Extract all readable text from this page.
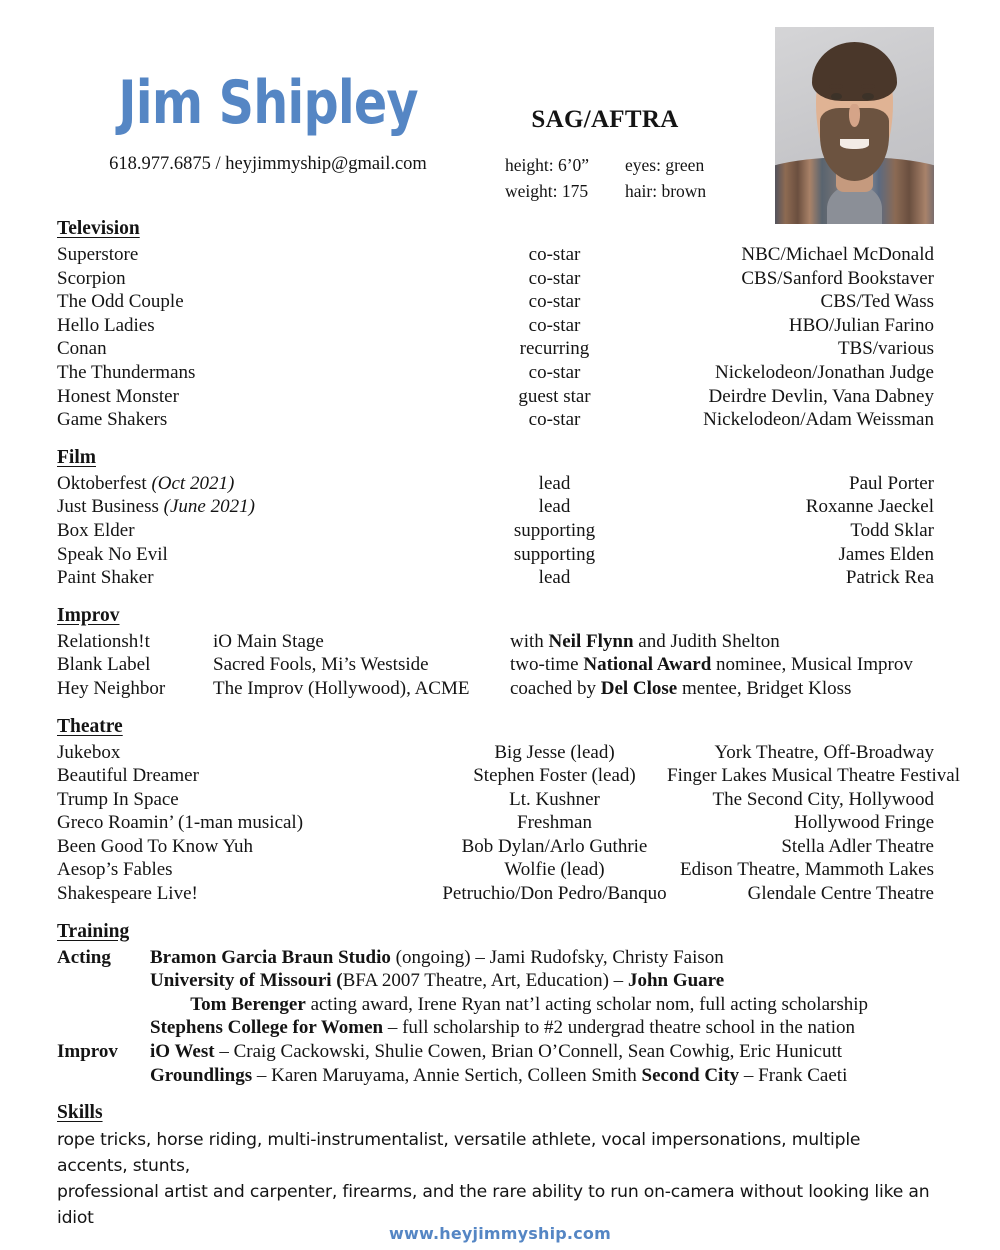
Jim Shipley
618.977.6875 / heyjimmyship@gmail.com
SAG/AFTRA
height: 6’0”	eyes: green
weight: 175	hair: brown
Television
Superstore	co-star	NBC/Michael McDonald
Scorpion	co-star	CBS/Sanford Bookstaver
The Odd Couple	co-star	CBS/Ted Wass
Hello Ladies	co-star	HBO/Julian Farino
Conan	recurring	TBS/various
The Thundermans	co-star	Nickelodeon/Jonathan Judge
Honest Monster	guest star	Deirdre Devlin, Vana Dabney
Game Shakers	co-star	Nickelodeon/Adam Weissman
Film
Oktoberfest (Oct 2021)	lead	Paul Porter
Just Business (June 2021)	lead	Roxanne Jaeckel
Box Elder	supporting	Todd Sklar
Speak No Evil	supporting	James Elden
Paint Shaker	lead	Patrick Rea
Improv
Relationsh!t	iO Main Stage	with Neil Flynn and Judith Shelton
Blank Label	Sacred Fools, Mi’s Westside	two-time National Award nominee, Musical Improv
Hey Neighbor	The Improv (Hollywood), ACME	coached by Del Close mentee, Bridget Kloss
Theatre
Jukebox	Big Jesse (lead)	York Theatre, Off-Broadway
Beautiful Dreamer	Stephen Foster (lead)	Finger Lakes Musical Theatre Festival
Trump In Space	Lt. Kushner	The Second City, Hollywood
Greco Roamin’ (1-man musical)	Freshman	Hollywood Fringe
Been Good To Know Yuh	Bob Dylan/Arlo Guthrie	Stella Adler Theatre
Aesop’s Fables	Wolfie (lead)	Edison Theatre, Mammoth Lakes
Shakespeare Live!	Petruchio/Don Pedro/Banquo	Glendale Centre Theatre
Training
Acting	Bramon Garcia Braun Studio (ongoing) – Jami Rudofsky, Christy Faison
University of Missouri (BFA 2007 Theatre, Art, Education) – John Guare
Tom Berenger acting award, Irene Ryan nat’l acting scholar nom, full acting scholarship
Stephens College for Women – full scholarship to #2 undergrad theatre school in the nation
Improv	iO West – Craig Cackowski, Shulie Cowen, Brian O’Connell, Sean Cowhig, Eric Hunicutt
Groundlings – Karen Maruyama, Annie Sertich, Colleen Smith Second City – Frank Caeti
Skills
rope tricks, horse riding, multi-instrumentalist, versatile athlete, vocal impersonations, multiple accents, stunts,
professional artist and carpenter, firearms, and the rare ability to run on-camera without looking like an idiot
www.heyjimmyship.com
